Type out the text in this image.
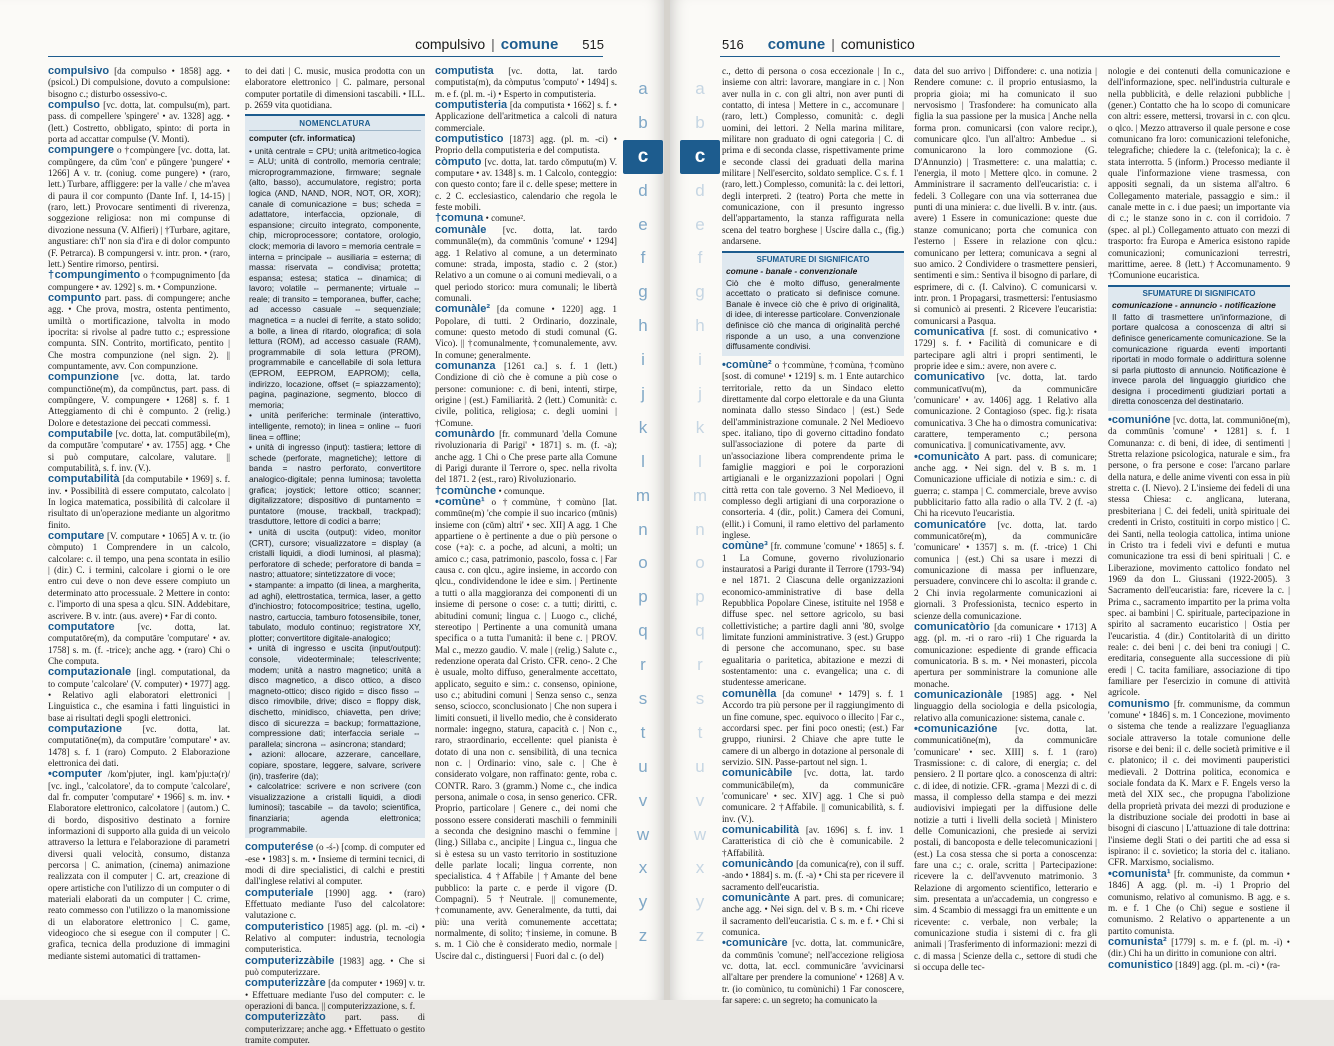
compulsivo | comune 515

compulsivo [da compulso • 1858] agg. • (psicol.) Di compulsione, dovuto a compulsione: bisogno c.; disturbo ossessivo-c.

compulso [vc. dotta, lat. compulsu(m), part. pass. di compellere 'spingere' • av. 1328] agg. • (lett.) Costretto, obbligato, spinto: di porta in porta ad accattar compulse (V. Monti).

compungere o †compùngere [vc. dotta, lat. compŭngere, da cŭm 'con' e pŭngere 'pungere' • 1266] A v. tr. (coniug. come pungere) • (raro, lett.) Turbare, affliggere: per la valle / che m'avea di paura il cor compunto (Dante Inf. I, 14-15) | (raro, lett.) Provocare sentimenti di riverenza, soggezione religiosa: non mi compunse di divozione nessuna (V. Alfieri) | †Turbare, agitare, angustiare: ch'I' non sia d'ira e di dolor compunto (F. Petrarca). B compungersi v. intr. pron. • (raro, lett.) Sentire rimorso, pentirsi.

†compungimento o †compugnimento [da compungere • av. 1292] s. m. • Compunzione.

compunto part. pass. di compungere; anche agg. • Che prova, mostra, ostenta pentimento, umiltà o mortificazione, talvolta in modo ipocrita: si rivolse al padre tutto c.; espressione compunta. SIN. Contrito, mortificato, pentito | Che mostra compunzione (nel sign. 2). || compuntamente, avv. Con compunzione.

compunzione [vc. dotta, lat. tardo compunctiōne(m), da compŭnctus, part. pass. di compŭngere, V. compungere • 1268] s. f. 1 Atteggiamento di chi è compunto. 2 (relig.) Dolore e detestazione dei peccati commessi.

computabile [vc. dotta, lat. computābile(m), da computāre 'computare' • av. 1755] agg. • Che si può computare, calcolare, valutare. || computabilità, s. f. inv. (V.).

computabilità [da computabile • 1969] s. f. inv. • Possibilità di essere computato, calcolato | In logica matematica, possibilità di calcolare il risultato di un'operazione mediante un algoritmo finito.

computare [V. computare • 1065] A v. tr. (io còmputo) 1 Comprendere in un calcolo, calcolare: c. il tempo, una pena scontata in esilio | (dir.) C. i termini, calcolare i giorni o le ore entro cui deve o non deve essere compiuto un determinato atto processuale. 2 Mettere in conto: c. l'importo di una spesa a qlcu. SIN. Addebitare, ascrivere. B v. intr. (aus. avere) • Far di conto.

computatore	[vc. dotta, lat. computatōre(m), da computāre 'computare' • av. 1758] s. m. (f. -trice); anche agg. • (raro) Chi o Che computa.

computazionale [ingl. computational, da to compute 'calcolare' (V. computer) • 1977] agg. • Relativo agli elaboratori elettronici | Linguistica c., che esamina i fatti linguistici in base ai risultati degli spogli elettronici.

computazione [vc. dotta, lat. computatiōne(m), da computāre 'computare' • av. 1478] s. f. 1 (raro) Computo. 2 Elaborazione elettronica dei dati.

•computer /kom'pjuter, ingl. kəm'pju:tə(r)/ [vc. ingl., 'calcolatore', da to compute 'calcolare', dal fr. computer 'computare' • 1966] s. m. inv. • Elaboratore elettronico, calcolatore | (autom.) C. di bordo, dispositivo destinato a fornire informazioni di supporto alla guida di un veicolo attraverso la lettura e l'elaborazione di parametri diversi quali velocità, consumo, distanza percorsa | C. animation, (cinema) animazione realizzata con il computer | C. art, creazione di opere artistiche con l'utilizzo di un computer o di materiali elaborati da un computer | C. crime, reato commesso con l'utilizzo o la manomissione di un elaboratore elettronico | C. game, videogioco che si esegue con il computer | C. grafica, tecnica della produzione di immagini mediante sistemi automatici di trattamen-

to dei dati | C. music, musica prodotta con un elaboratore elettronico | C. palmare, personal computer portatile di dimensioni tascabili. • ILL. p. 2659 vita quotidiana.

NOMENCLATURA
computer (cfr. informatica)

• unità centrale = CPU; unità aritmetico-logica = ALU; unità di controllo, memoria centrale; microprogrammazione, firmware; segnale (alto, basso), accumulatore, registro; porta logica (AND, NAND, NOR, NOT, OR, XOR); canale di comunicazione = bus; scheda = adattatore, interfaccia, opzionale, di espansione; circuito integrato, componente, chip, microprocessore; contatore, orologio, clock; memoria di lavoro = memoria centrale = interna = principale ⇔ ausiliaria = esterna; di massa: riservata ⇔ condivisa; protetta; espansa; estesa; statica ⇔ dinamica; di lavoro; volatile ⇔ permanente; virtuale ⇔ reale; di transito = temporanea, buffer, cache; ad accesso casuale ⇔ sequenziale; magnetica = a nuclei di ferrite, a stato solido; a bolle, a linea di ritardo, olografica; di sola lettura (ROM), ad accesso casuale (RAM), programmabile di sola lettura (PROM), programmabile e cancellabile di sola lettura (EPROM, EEPROM, EAPROM); cella, indirizzo, locazione, offset (= spiazzamento); pagina, paginazione, segmento, blocco di memoria;

• unità periferiche: terminale (interattivo, intelligente, remoto); in linea = online ⇔ fuori linea = offline;

• unità di ingresso (input): tastiera; lettore di schede (perforate, magnetiche); lettore di banda = nastro perforato, convertitore analogico-digitale; penna luminosa; tavoletta grafica; joystick; lettore ottico; scanner; digitalizzatore; dispositivo di puntamento = puntatore (mouse, trackball, trackpad); trasduttore, lettore di codici a barre;

• unità di uscita (output): video, monitor (CRT), cursore; visualizzatore = display (a cristalli liquidi, a diodi luminosi, al plasma); perforatore di schede; perforatore di banda = nastro; attuatore; sintetizzatore di voce;

• stampante: a impatto (di linea, a margherita, ad aghi), elettrostatica, termica, laser, a getto d'inchiostro; fotocompositrice; testina, ugello, nastro, cartuccia, tamburo fotosensibile, toner, tabulato, modulo continuo; registratore XY, plotter; convertitore digitale-analogico;

• unità di ingresso e uscita (input/output): console, videoterminale; telescrivente; modem; unità a nastro magnetico; unità a disco magnetico, a disco ottico, a disco magneto-ottico; disco rigido = disco fisso ⇔ disco rimovibile, drive; disco = floppy disk, dischetto, minidisco, chiavetta, pen drive; disco di sicurezza = backup; formattazione, compressione dati; interfaccia seriale ⇔ parallela; sincrona ⇔ asincrona; standard;

• azioni: allocare, azzerare, cancellare, copiare, spostare, leggere, salvare, scrivere (in), trasferire (da);

• calcolatrice: scrivere e non scrivere (con visualizzazione a cristalli liquidi, a diodi luminosi); tascabile ⇔ da tavolo; scientifica, finanziaria; agenda elettronica; programmabile.

computerése (o -ś-) [comp. di computer ed -ese • 1983] s. m. • Insieme di termini tecnici, di modi di dire specialistici, di calchi e prestiti dall'inglese relativi al computer.

computeriale [1990] agg. • (raro) Effettuato mediante l'uso del calcolatore: valutazione c.

computeristico [1985] agg. (pl. m. -ci) • Relativo al computer: industria, tecnologia computeristica.

computerizzàbile [1983] agg. • Che si può computerizzare.

computerizzàre [da computer • 1969] v. tr. • Effettuare mediante l'uso del computer: c. le operazioni di banca. || computerizzazione, s. f.

computerizzàto part. pass. di computerizzare; anche agg. • Effettuato o gestito tramite computer.

computista [vc. dotta, lat. tardo computista(m), da còmputus 'computo' • 1494] s. m. e f. (pl. m. -i) • Esperto in computisteria.

computisteria [da computista • 1662] s. f. • Applicazione dell'aritmetica a calcoli di natura commerciale.

computistico [1873] agg. (pl. m. -ci) • Proprio della computisteria e del computista.

còmputo [vc. dotta, lat. tardo cŏmputu(m) V. computare • av. 1348] s. m. 1 Calcolo, conteggio: con questo conto; fare il c. delle spese; mettere in c. 2 C. ecclesiastico, calendario che regola le feste mobili.

†comuna • comune².

comunàle [vc. dotta, lat. tardo communāle(m), da commūnis 'comune' • 1294] agg. 1 Relativo al comune, a un determinato comune: strada, imposta, stadio c. 2 (stor.) Relativo a un comune o ai comuni medievali, o a quel periodo storico: mura comunali; le libertà comunali.

comunàle² [da comune • 1220] agg. 1 Popolare, di tutti. 2 Ordinario, dozzinale, comune: questo metodo di studi comunal (G. Vico). || †comunalmente, †comunalemente, avv. In comune; generalmente.

comunanza [1261 ca.] s. f. 1 (lett.) Condizione di ciò che è comune a più cose o persone: comunione: c. di beni, intenti, stirpe, origine | (est.) Familiarità. 2 (lett.) Comunità: c. civile, politica, religiosa; c. degli uomini | †Comune.

comunàrdo [fr. communard 'della Comune rivoluzionaria di Parigi' • 1871] s. m. (f. -a); anche agg. 1 Chi o Che prese parte alla Comune di Parigi durante il Terrore o, spec. nella rivolta del 1871. 2 (est., raro) Rivoluzionario.

†comùnche • comunque.

•comùne¹ o †commùne, †comùno [lat. commūne(m) 'che compie il suo incarico (mūnis) insieme con (cŭm) altri' • sec. XII] A agg. 1 Che appartiene o è pertinente a due o più persone o cose (+a): c. a poche, ad alcuni, a molti; un amico c.; casa, patrimonio, pascolo, fossa c. | Far causa c. con qlcu., agire insieme, in accordo con qlcu., condividendone le idee e sim. | Pertinente a tutti o alla maggioranza dei componenti di un insieme di persone o cose: c. a tutti; diritti, c. abitudini comuni; lingua c. | Luogo c., cliché, stereotipo | Pertinente a una comunità umana specifica o a tutta l'umanità: il bene c. | PROV. Mal c., mezzo gaudio. V. male | (relig.) Salute c., redenzione operata dal Cristo. CFR. ceno-. 2 Che è usuale, molto diffuso, generalmente accettato, applicato, seguito e sim.: c. consenso, opinione, uso c.; abitudini comuni | Senza senso c., senza senso, sciocco, sconclusionato | Che non supera i limiti consueti, il livello medio, che è considerato normale: ingegno, statura, capacità c. | Non c., raro, straordinario, eccellente: quel pianista è dotato di una non c. sensibilità, di una tecnica non c. | Ordinario: vino, sale c. | Che è considerato volgare, non raffinato: gente, roba c. CONTR. Raro. 3 (gramm.) Nome c., che indica persona, animale o cosa, in senso generico. CFR. Proprio, particolare | Genere c., dei nomi che possono essere considerati maschili o femminili a seconda che designino maschi o femmine | (ling.) Sillaba c., ancipite | Lingua c., lingua che si è estesa su un vasto territorio in sostituzione delle parlate locali; lingua corrente, non specialistica. 4 †Affabile | †Amante del bene pubblico: la parte c. e perde il vigore (D. Compagni). 5 †Neutrale. || comunemente, †comunamente, avv. Generalmente, da tutti, dai più: una verità comunemente accettata; normalmente, di solito; †insieme, in comune. B s. m. 1 Ciò che è considerato medio, normale | Uscire dal c., distinguersi | Fuori dal c. (o del)

a
b
c
d
e
f
g
h
i
j
k
l
m
n
o
p
q
r
s
t
u
v
w
x
y
z
516 comune | comunistico
a
b
c
d
e
f
g
h
i
j
k
l
m
n
o
p
q
r
s
t
u
v
w
x
y
z

c., detto di persona o cosa eccezionale | In c., insieme con altri: lavorare, mangiare in c. | Non aver nulla in c. con gli altri, non aver punti di contatto, di intesa | Mettere in c., accomunare | (raro, lett.) Complesso, comunità: c. degli uomini, dei lettori. 2 Nella marina militare, militare non graduato di ogni categoria | C. di prima e di seconda classe, rispettivamente prime e seconde classi dei graduati della marina militare | Nell'esercito, soldato semplice. C s. f. 1 (raro, lett.) Complesso, comunità: la c. dei lettori, degli interpreti. 2 (teatro) Porta che mette in comunicazione, con il presunto ingresso dell'appartamento, la stanza raffigurata nella scena del teatro borghese | Uscire dalla c., (fig.) andarsene.

SFUMATURE DI SIGNIFICATO
comune - banale - convenzionale
Ciò che è molto diffuso, generalmente accettato o praticato si definisce comune. Banale è invece ciò che è privo di originalità, di idee, di interesse particolare. Convenzionale definisce ciò che manca di originalità perché risponde a un uso, a una convenzione diffusamente condivisi.

•comùne² o †commùne, †comùna, †comùno [sost. di comune¹ • 1219] s. m. 1 Ente autarchico territoriale, retto da un Sindaco eletto direttamente dal corpo elettorale e da una Giunta nominata dallo stesso Sindaco | (est.) Sede dell'amministrazione comunale. 2 Nel Medioevo spec. italiano, tipo di governo cittadino fondato sull'associazione di potere da parte di un'associazione libera comprendente prima le famiglie maggiori e poi le corporazioni artigianali e le organizzazioni popolari | Ogni città retta con tale governo. 3 Nel Medioevo, il complesso degli artigiani di una corporazione o consorteria. 4 (dir., polit.) Camera dei Comuni, (ellit.) i Comuni, il ramo elettivo del parlamento inglese.

comùne³ [fr. commune 'comune' • 1865] s. f. 1 La Comune, governo rivoluzionario instauratosi a Parigi durante il Terrore (1793-'94) e nel 1871. 2 Ciascuna delle organizzazioni economico-amministrative di base della Repubblica Popolare Cinese, istituite nel 1958 e diffuse spec. nel settore agricolo, su basi collettivistiche; a partire dagli anni '80, svolge limitate funzioni amministrative. 3 (est.) Gruppo di persone che accomunano, spec. su base egualitaria o paritetica, abitazione e mezzi di sostentamento: una c. evangelica; una c. di studentesse americane.

comunèlla [da comune¹ • 1479] s. f. 1 Accordo tra più persone per il raggiungimento di un fine comune, spec. equivoco o illecito | Far c., accordarsi spec. per fini poco onesti; (est.) Far gruppo, riunirsi. 2 Chiave che apre tutte le camere di un albergo in dotazione al personale di servizio. SIN. Passe-partout nel sign. 1.

comunicàbile [vc. dotta, lat. tardo communicābile(m), da communicāre 'comunicare' • sec. XIV] agg. 1 Che si può comunicare. 2 †Affabile. || comunicabilità, s. f. inv. (V.).

comunicabilità [av. 1696] s. f. inv. 1 Caratteristica di ciò che è comunicabile. 2 †Affabilità.

comunicàndo [da comunica(re), con il suff. -ando • 1884] s. m. (f. -a) • Chi sta per ricevere il sacramento dell'eucaristia.

comunicànte A part. pres. di comunicare; anche agg. • Nei sign. del v. B s. m. • Chi riceve il sacramento dell'eucaristia. C s. m. e f. • Chi si comunica.

•comunicàre [vc. dotta, lat. communicāre, da commūnis 'comune'; nell'accezione religiosa vc. dotta, lat. eccl. communicāre 'avvicinarsi all'altare per prendere la comunione' • 1268] A v. tr. (io comùnico, tu comùnichi) 1 Far conoscere, far sapere: c. un segreto; ha comunicato la

data del suo arrivo | Diffondere: c. una notizia | Rendere comune: c. il proprio entusiasmo, la propria gioia; mi ha comunicato il suo nervosismo | Trasfondere: ha comunicato alla figlia la sua passione per la musica | Anche nella forma pron. comunicarsi (con valore recipr.), comunicare qlco. l'un all'altro: Ambedue .. si comunicarono la loro commozione (G. D'Annunzio) | Trasmettere: c. una malattia; c. l'energia, il moto | Mettere qlco. in comune. 2 Amministrare il sacramento dell'eucaristia: c. i fedeli. 3 Collegare con una via sotterranea due punti di una miniera: c. due livelli. B v. intr. (aus. avere) 1 Essere in comunicazione: queste due stanze comunicano; porta che comunica con l'esterno | Essere in relazione con qlcu.: comunicano per lettera; comunicava a segni al suo amico. 2 Condividere o trasmettere pensieri, sentimenti e sim.: Sentiva il bisogno di parlare, di esprimere, di c. (I. Calvino). C comunicarsi v. intr. pron. 1 Propagarsi, trasmettersi: l'entusiasmo si comunicò ai presenti. 2 Ricevere l'eucaristia: comunicarsi a Pasqua.

comunicativa [f. sost. di comunicativo • 1729] s. f. • Facilità di comunicare e di partecipare agli altri i propri sentimenti, le proprie idee e sim.: avere, non avere c.

comunicativo [vc. dotta, lat. tardo communicatīvu(m), da communicāre 'comunicare' • av. 1406] agg. 1 Relativo alla comunicazione. 2 Contagioso (spec. fig.): risata comunicativa. 3 Che ha o dimostra comunicativa: carattere, temperamento c.; persona comunicativa. || comunicativamente, avv.

•comunicàto A part. pass. di comunicare; anche agg. • Nei sign. del v. B s. m. 1 Comunicazione ufficiale di notizia e sim.: c. di guerra; c. stampa | C. commerciale, breve avviso pubblicitario fatto alla radio o alla TV. 2 (f. -a) Chi ha ricevuto l'eucaristia.

comunicatóre [vc. dotta, lat. tardo communicatōre(m), da communicāre 'comunicare' • 1357] s. m. (f. -trice) 1 Chi comunica | (est.) Chi sa usare i mezzi di comunicazione di massa per influenzare, persuadere, convincere chi lo ascolta: il grande c. 2 Chi invia regolarmente comunicazioni ai giornali. 3 Professionista, tecnico esperto in scienze della comunicazione.

comunicatòrio [da comunicare • 1713] A agg. (pl. m. -ri o raro -rii) 1 Che riguarda la comunicazione: espediente di grande efficacia comunicatoria. B s. m. • Nei monasteri, piccola apertura per somministrare la comunione alle monache.

comunicazionàle [1985] agg. • Nel linguaggio della sociologia e della psicologia, relativo alla comunicazione: sistema, canale c.

•comunicazióne [vc. dotta, lat. communicatiōne(m), da communicāre 'comunicare' • sec. XIII] s. f. 1 (raro) Trasmissione: c. di calore, di energia; c. del pensiero. 2 Il portare qlco. a conoscenza di altri: c. di idee, di notizie. CFR. -grama | Mezzi di c. di massa, il complesso della stampa e dei mezzi audiovisivi impiegati per la diffusione delle notizie a tutti i livelli della società | Ministero delle Comunicazioni, che presiede ai servizi postali, di bancoposta e delle telecomunicazioni | (est.) La cosa stessa che si porta a conoscenza: fare una c.; c. orale, scritta | Partecipazione: ricevere la c. dell'avvenuto matrimonio. 3 Relazione di argomento scientifico, letterario e sim. presentata a un'accademia, un congresso e sim. 4 Scambio di messaggi fra un emittente e un ricevente: c. verbale, non verbale; la comunicazione studia i sistemi di c. fra gli animali | Trasferimento di informazioni: mezzi di c. di massa | Scienze della c., settore di studi che si occupa delle tec-

nologie e dei contenuti della comunicazione e dell'informazione, spec. nell'industria culturale e nella pubblicità, e delle relazioni pubbliche | (gener.) Contatto che ha lo scopo di comunicare con altri: essere, mettersi, trovarsi in c. con qlcu. o qlco. | Mezzo attraverso il quale persone e cose comunicano fra loro: comunicazioni telefoniche, telegrafiche; chiedere la c. (telefonica); la c. è stata interrotta. 5 (inform.) Processo mediante il quale l'informazione viene trasmessa, con appositi segnali, da un sistema all'altro. 6 Collegamento materiale, passaggio e sim.: il canale mette in c. i due paesi; un importante via di c.; le stanze sono in c. con il corridoio. 7 (spec. al pl.) Collegamento attuato con mezzi di trasporto: fra Europa e America esistono rapide comunicazioni; comunicazioni terrestri, marittime, aeree. 8 (lett.) †Accomunamento. 9 †Comunione eucaristica.

SFUMATURE DI SIGNIFICATO
comunicazione - annuncio - notificazione
Il fatto di trasmettere un'informazione, di portare qualcosa a conoscenza di altri si definisce genericamente comunicazione. Se la comunicazione riguarda eventi importanti riportati in modo formale o addirittura solenne si parla piuttosto di annuncio. Notificazione è invece parola del linguaggio giuridico che designa i procedimenti giudiziari portati a diretta conoscenza del destinatario.

•comunióne [vc. dotta, lat. communiōne(m), da commūnis 'comune' • 1281] s. f. 1 Comunanza: c. di beni, di idee, di sentimenti | Stretta relazione psicologica, naturale e sim., fra persone, o fra persone e cose: l'arcano parlare della natura, e delle anime viventi con essa in più stretta c. (I. Nievo). 2 L'insieme dei fedeli di una stessa Chiesa: c. anglicana, luterana, presbiteriana | C. dei fedeli, unità spirituale dei credenti in Cristo, costituiti in corpo mistico | C. dei Santi, nella teologia cattolica, intima unione in Cristo tra i fedeli vivi e defunti e mutua comunicazione tra essi di beni spirituali | C. e Liberazione, movimento cattolico fondato nel 1969 da don L. Giussani (1922-2005). 3 Sacramento dell'eucaristia: fare, ricevere la c. | Prima c., sacramento impartito per la prima volta spec. ai bambini | C. spirituale, partecipazione in spirito al sacramento eucaristico | Ostia per l'eucaristia. 4 (dir.) Contitolarità di un diritto reale: c. dei beni | c. dei beni tra coniugi | C. ereditaria, conseguente alla successione di più eredi | C. tacita familiare, associazione di tipo familiare per l'esercizio in comune di attività agricole.

comunismo [fr. communisme, da commun 'comune' • 1846] s. m. 1 Concezione, movimento o sistema che tende a realizzare l'eguaglianza sociale attraverso la totale comunione delle risorse e dei beni: il c. delle società primitive e il c. platonico; il c. dei movimenti pauperistici medievali. 2 Dottrina politica, economica e sociale fondata da K. Marx e F. Engels verso la metà del XIX sec., che propugna l'abolizione della proprietà privata dei mezzi di produzione e la distribuzione sociale dei prodotti in base ai bisogni di ciascuno | L'attuazione di tale dottrina: l'insieme degli Stati o dei partiti che ad essa si ispirano: il c. sovietico; la storia del c. italiano. CFR. Marxismo, socialismo.

•comunista¹ [fr. communiste, da commun • 1846] A agg. (pl. m. -i) 1 Proprio del comunismo, relativo al comunismo. B agg. e s. m. e f. 1 Che (o Chi) segue e sostiene il comunismo. 2 Relativo o appartenente a un partito comunista.

comunista² [1779] s. m. e f. (pl. m. -i) • (dir.) Chi ha un diritto in comunione con altri.

comunistico [1849] agg. (pl. m. -ci) • (ra-
